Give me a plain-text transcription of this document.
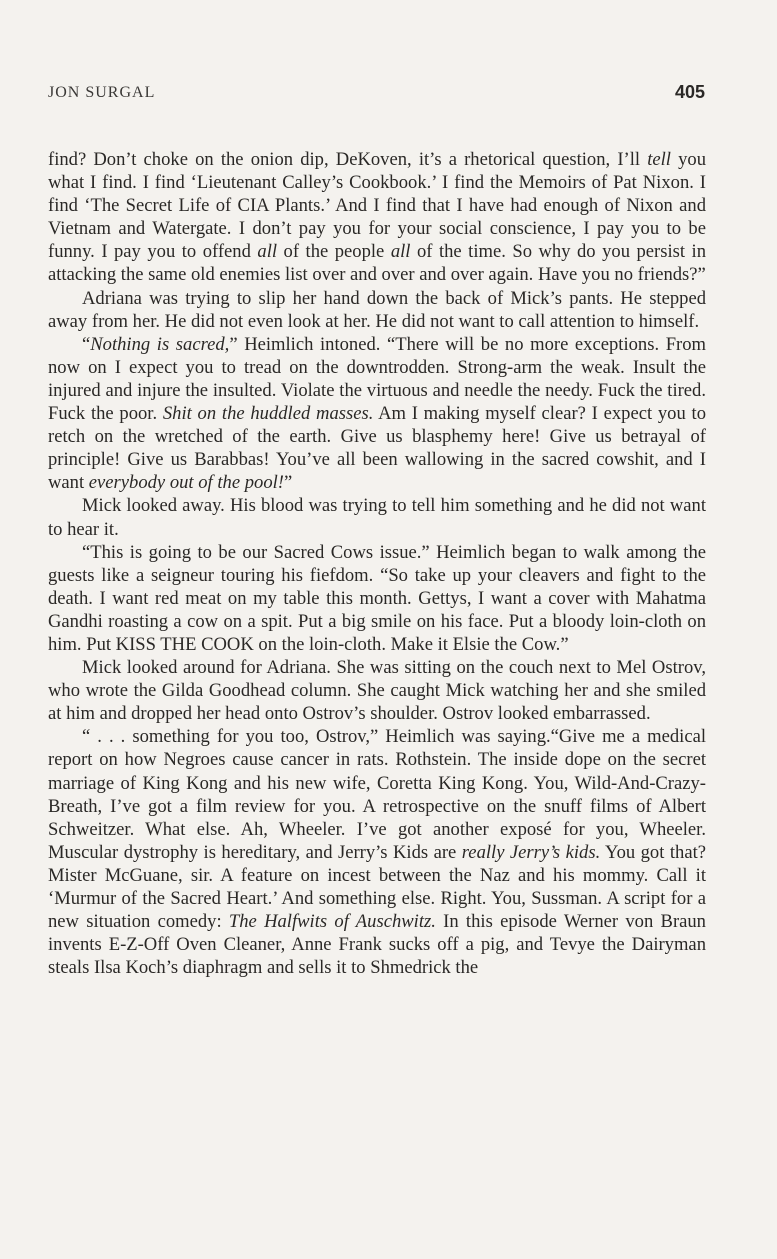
JON SURGAL	405

find? Don’t choke on the onion dip, DeKoven, it’s a rhetorical question, I’ll tell you what I find. I find ‘Lieutenant Calley’s Cookbook.’ I find the Memoirs of Pat Nixon. I find ‘The Secret Life of CIA Plants.’ And I find that I have had enough of Nixon and Vietnam and Watergate. I don’t pay you for your social conscience, I pay you to be funny. I pay you to offend all of the people all of the time. So why do you persist in attacking the same old enemies list over and over and over again. Have you no friends?”

Adriana was trying to slip her hand down the back of Mick’s pants. He stepped away from her. He did not even look at her. He did not want to call attention to himself.

“Nothing is sacred,” Heimlich intoned. “There will be no more exceptions. From now on I expect you to tread on the downtrodden. Strong-arm the weak. Insult the injured and injure the insulted. Violate the virtuous and needle the needy. Fuck the tired. Fuck the poor. Shit on the huddled masses. Am I making myself clear? I expect you to retch on the wretched of the earth. Give us blasphemy here! Give us betrayal of principle! Give us Barabbas! You’ve all been wallowing in the sacred cowshit, and I want everybody out of the pool!”

Mick looked away. His blood was trying to tell him something and he did not want to hear it.

“This is going to be our Sacred Cows issue.” Heimlich began to walk among the guests like a seigneur touring his fiefdom. “So take up your cleavers and fight to the death. I want red meat on my table this month. Gettys, I want a cover with Mahatma Gandhi roasting a cow on a spit. Put a big smile on his face. Put a bloody loin-cloth on him. Put KISS THE COOK on the loin-cloth. Make it Elsie the Cow.”

Mick looked around for Adriana. She was sitting on the couch next to Mel Ostrov, who wrote the Gilda Goodhead column. She caught Mick watching her and she smiled at him and dropped her head onto Ostrov’s shoulder. Ostrov looked embarrassed.

“ . . . something for you too, Ostrov,” Heimlich was saying.“Give me a medical report on how Negroes cause cancer in rats. Rothstein. The inside dope on the secret marriage of King Kong and his new wife, Coretta King Kong. You, Wild-And-Crazy-Breath, I’ve got a film review for you. A retrospective on the snuff films of Albert Schweitzer. What else. Ah, Wheeler. I’ve got another exposé for you, Wheeler. Muscular dystrophy is hereditary, and Jerry’s Kids are really Jerry’s kids. You got that? Mister McGuane, sir. A feature on incest between the Naz and his mommy. Call it ‘Murmur of the Sacred Heart.’ And something else. Right. You, Sussman. A script for a new situation comedy: The Halfwits of Auschwitz. In this episode Werner von Braun invents E-Z-Off Oven Cleaner, Anne Frank sucks off a pig, and Tevye the Dairyman steals Ilsa Koch’s diaphragm and sells it to Shmedrick the
